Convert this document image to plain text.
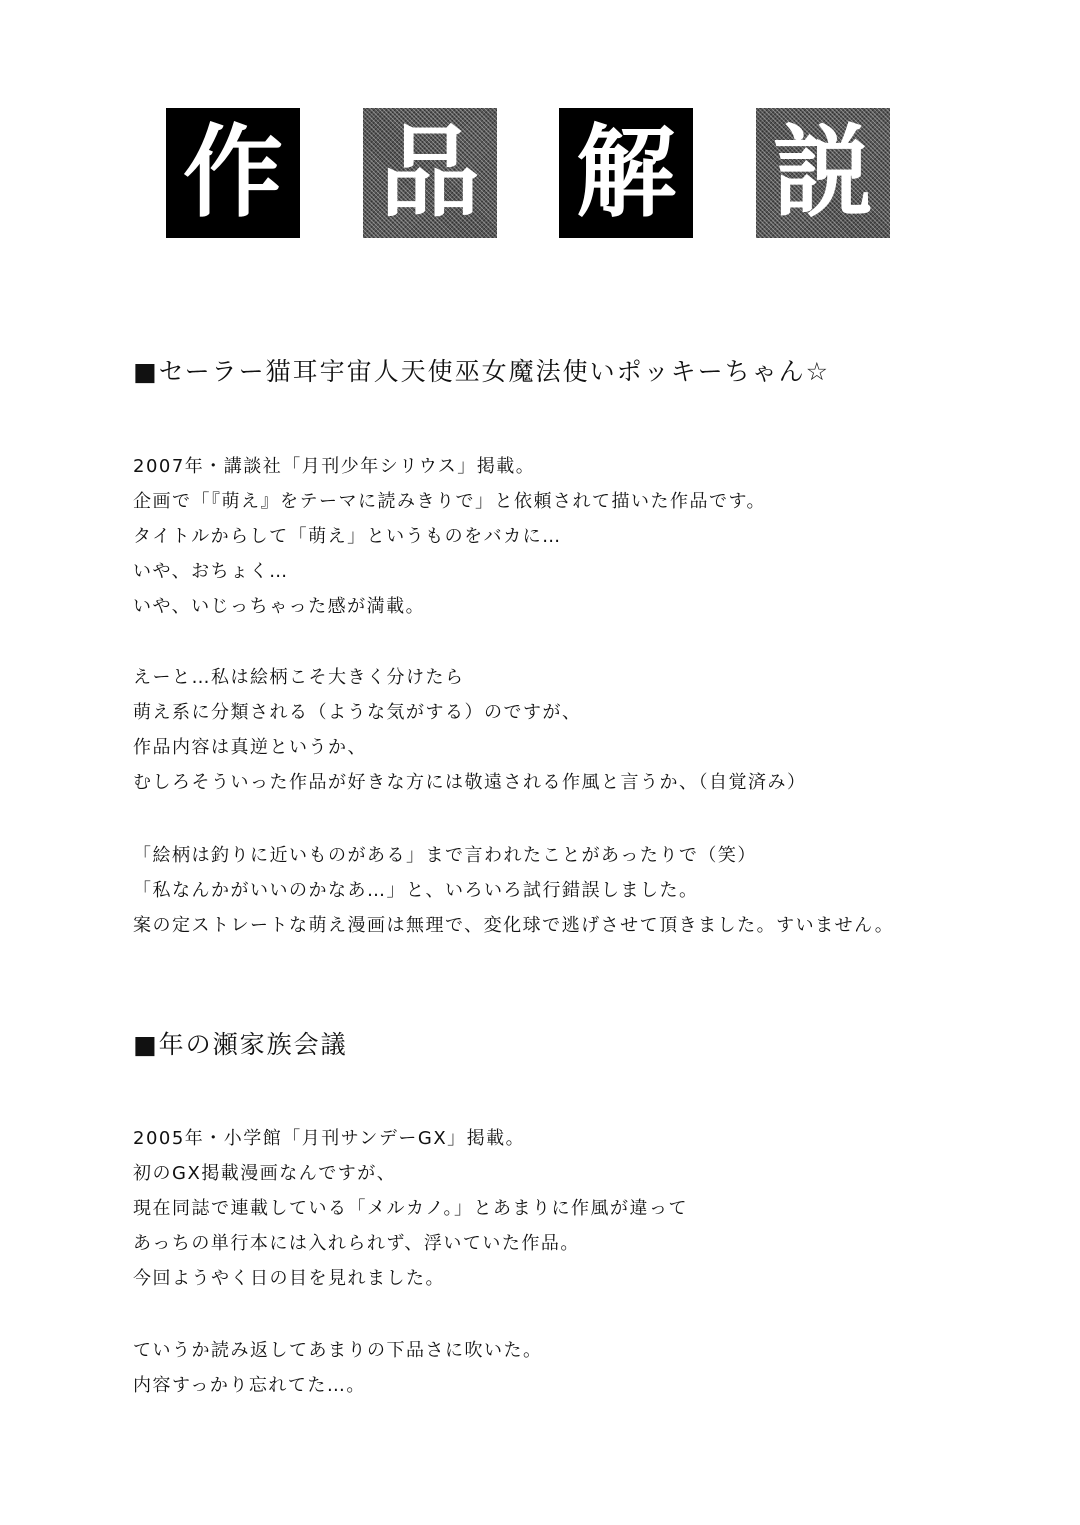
作 品 解 説
■セーラー猫耳宇宙人天使巫女魔法使いポッキーちゃん☆
2007年・講談社「月刊少年シリウス」掲載。
企画で「『萌え』をテーマに読みきりで」と依頼されて描いた作品です。
タイトルからして「萌え」というものをバカに…
いや、おちょく…
いや、いじっちゃった感が満載。
えーと…私は絵柄こそ大きく分けたら
萌え系に分類される（ような気がする）のですが、
作品内容は真逆というか、
むしろそういった作品が好きな方には敬遠される作風と言うか、（自覚済み）
「絵柄は釣りに近いものがある」まで言われたことがあったりで（笑）
「私なんかがいいのかなあ…」と、いろいろ試行錯誤しました。
案の定ストレートな萌え漫画は無理で、変化球で逃げさせて頂きました。すいません。
■年の瀬家族会議
2005年・小学館「月刊サンデーGX」掲載。
初のGX掲載漫画なんですが、
現在同誌で連載している「メルカノ。」とあまりに作風が違って
あっちの単行本には入れられず、浮いていた作品。
今回ようやく日の目を見れました。
ていうか読み返してあまりの下品さに吹いた。
内容すっかり忘れてた…。
